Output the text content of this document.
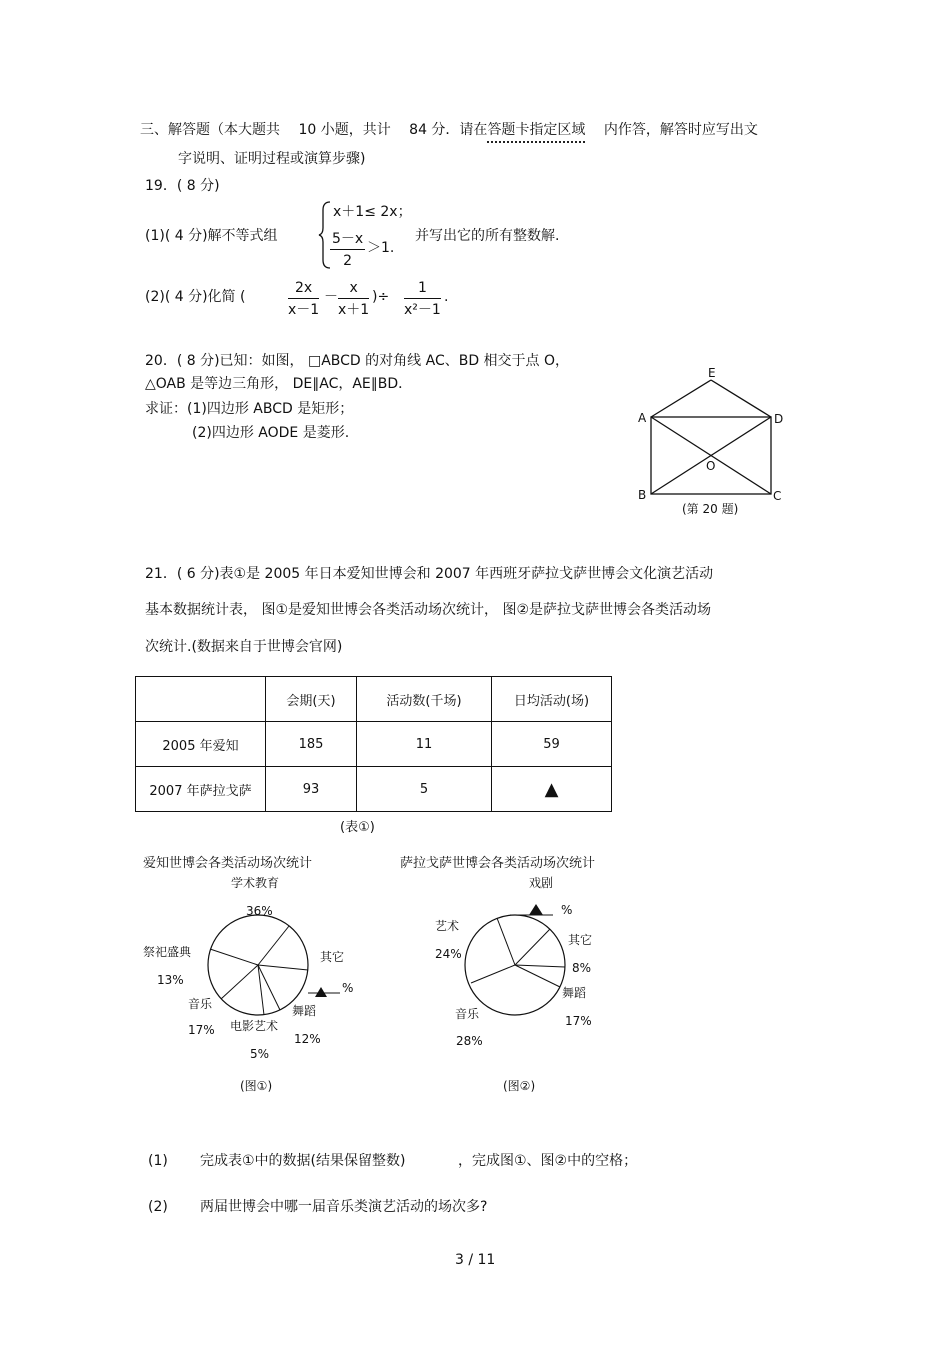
三、解答题（本大题共 10 小题，共计 84 分．请在答题卡指定区域 内作答，解答时应写出文
字说明、证明过程或演算步骤)
19．( 8 分)
(1)( 4 分)解不等式组
x＋1≤ 2x；
$\frac{5-x}{2} >1$.
并写出它的所有整数解.
(2)( 4 分)化简 (	$\frac{2x}{x-1} - \frac{x}{x+1}$ )÷ $\frac{1}{\text{x²－1}}$ .
20．( 8 分)已知：如图， □ABCD 的对角线 AC、BD 相交于点 O，
△OAB 是等边三角形， DE∥AC，AE∥BD．
求证：(1)四边形 ABCD 是矩形；
(2)四边形 AODE 是菱形.
E
A	D
O
B	C
(第 20 题)
21．( 6 分)表①是 2005 年日本爱知世博会和 2007 年西班牙萨拉戈萨世博会文化演艺活动
基本数据统计表， 图①是爱知世博会各类活动场次统计， 图②是萨拉戈萨世博会各类活动场
次统计.(数据来自于世博会官网)
	会期(天)	活动数(千场)	日均活动(场)
2005 年爱知	185	11	59
2007 年萨拉戈萨	93	5	▲
(表①)
爱知世博会各类活动场次统计
学术教育
36%
其它
%
舞蹈
12%
电影艺术
5%
音乐
17%
祭祀盛典
13%
(图①)
萨拉戈萨世博会各类活动场次统计
戏剧
%
其它
8%
舞蹈
17%
音乐
28%
艺术
24%
(图②)
(1) 完成表①中的数据(结果保留整数)	，完成图①、图②中的空格；
(2) 两届世博会中哪一届音乐类演艺活动的场次多?
3 / 11
